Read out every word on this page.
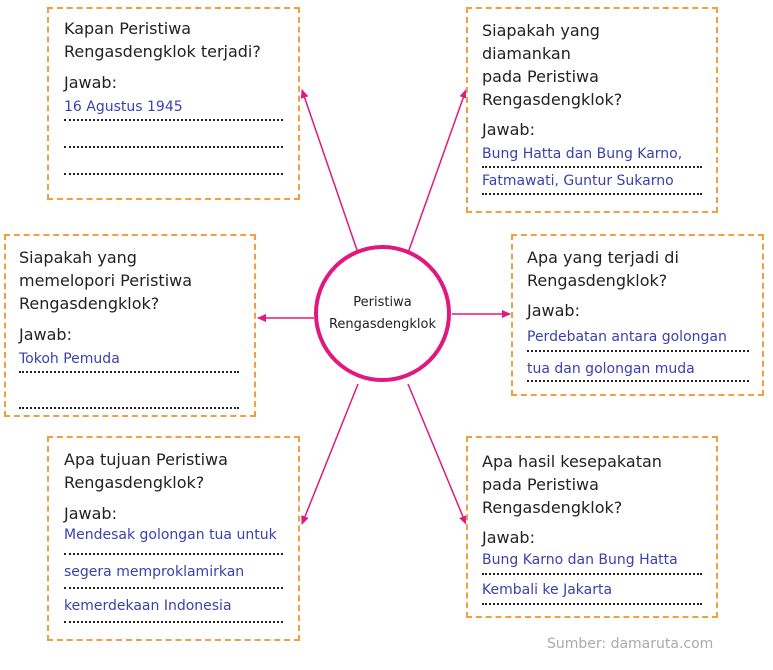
Kapan Peristiwa

Rengasdengklok terjadi?

Jawab:
16 Agustus 1945

Siapakah yang

diamankan

pada Peristiwa

Rengasdengklok?

Jawab:
Bung Hatta dan Bung Karno,
Fatmawati, Guntur Sukarno

Siapakah yang

memelopori Peristiwa

Rengasdengklok?

Jawab:
Tokoh Pemuda

Apa yang terjadi di

Rengasdengklok?

Jawab:
Perdebatan antara golongan
tua dan golongan muda

Apa tujuan Peristiwa

Rengasdengklok?

Jawab:
Mendesak golongan tua untuk
segera memproklamirkan
kemerdekaan Indonesia

Apa hasil kesepakatan

pada Peristiwa

Rengasdengklok?

Jawab:
Bung Karno dan Bung Hatta
Kembali ke Jakarta
Peristiwa
Rengasdengklok
Sumber: damaruta.com
